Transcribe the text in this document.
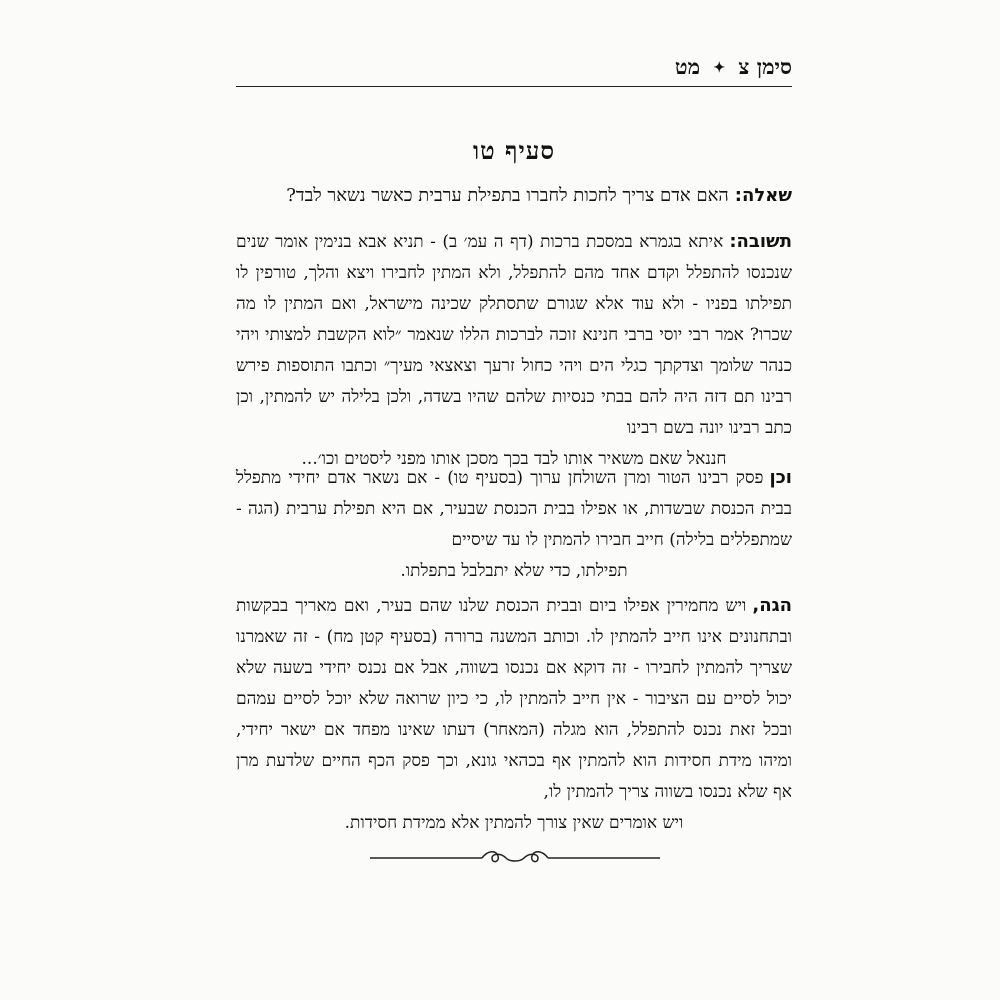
סימן צ ✦ מט
סעיף טו
שאלה:האם אדם צריך לחכות לחברו בתפילת ערבית כאשר נשאר לבד?
תשובה:איתא בגמרא במסכת ברכות (דף ה עמ׳ ב) - תניא אבא בנימין אומר שנים שנכנסו להתפלל וקדם אחד מהם להתפלל, ולא המתין לחבירו ויצא והלך, טורפין לו תפילתו בפניו - ולא עוד אלא שגורם שתסתלק שכינה מישראל, ואם המתין לו מה שכרו? אמר רבי יוסי ברבי חנינא זוכה לברכות הללו שנאמר ״לוא הקשבת למצותי ויהי כנהר שלומך וצדקתך כגלי הים ויהי כחול זרעך וצאצאי מעיך״ וכתבו התוספות פירש רבינו תם דזה היה להם בבתי כנסיות שלהם שהיו בשדה, ולכן בלילה יש להמתין, וכן כתב רבינו יונה בשם רבינו
חננאל שאם משאיר אותו לבד בכך מסכן אותו מפני ליסטים וכו׳...
וכןפסק רבינו הטור ומרן השולחן ערוך (בסעיף טו) - אם נשאר אדם יחידי מתפלל בבית הכנסת שבשדות, או אפילו בבית הכנסת שבעיר, אם היא תפילת ערבית (הגה - שמתפללים בלילה) חייב חבירו להמתין לו עד שיסיים
תפילתו, כדי שלא יתבלבל בתפלתו.
הגה,ויש מחמירין אפילו ביום ובבית הכנסת שלנו שהם בעיר, ואם מאריך בבקשות ובתחנונים אינו חייב להמתין לו. וכותב המשנה ברורה (בסעיף קטן מח) - זה שאמרנו שצריך להמתין לחבירו - זה דוקא אם נכנסו בשווה, אבל אם נכנס יחידי בשעה שלא יכול לסיים עם הציבור - אין חייב להמתין לו, כי כיון שרואה שלא יוכל לסיים עמהם ובכל זאת נכנס להתפלל, הוא מגלה (המאחר) דעתו שאינו מפחד אם ישאר יחידי, ומיהו מידת חסידות הוא להמתין אף בכהאי גונא, וכך פסק הכף החיים שלדעת מרן אף שלא נכנסו בשווה צריך להמתין לו,
ויש אומרים שאין צורך להמתין אלא ממידת חסידות.
